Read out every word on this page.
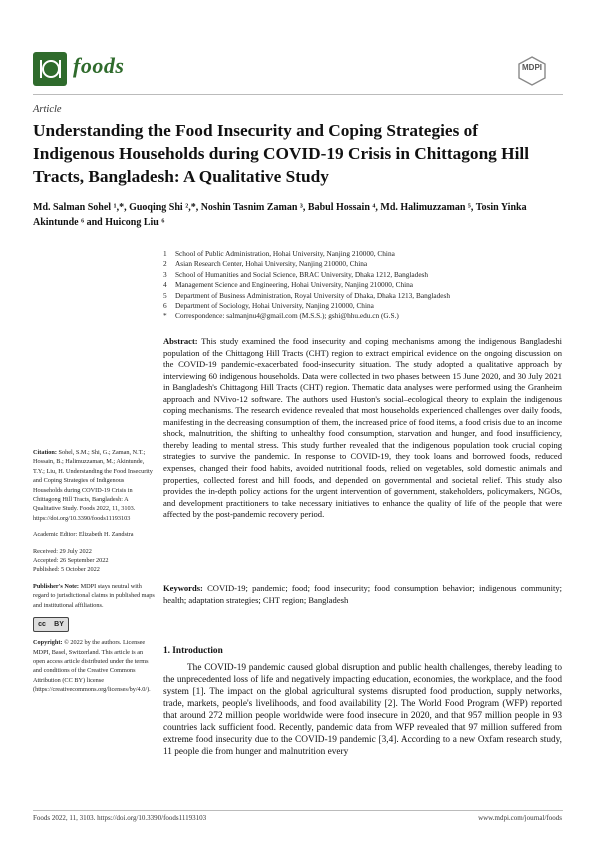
foods	MDPI
Article
Understanding the Food Insecurity and Coping Strategies of Indigenous Households during COVID-19 Crisis in Chittagong Hill Tracts, Bangladesh: A Qualitative Study
Md. Salman Sohel ¹,*, Guoqing Shi ²,*, Noshin Tasnim Zaman ³, Babul Hossain ⁴, Md. Halimuzzaman ⁵, Tosin Yinka Akintunde ⁶ and Huicong Liu ⁶
1	School of Public Administration, Hohai University, Nanjing 210000, China
2	Asian Research Center, Hohai University, Nanjing 210000, China
3	School of Humanities and Social Science, BRAC University, Dhaka 1212, Bangladesh
4	Management Science and Engineering, Hohai University, Nanjing 210000, China
5	Department of Business Administration, Royal University of Dhaka, Dhaka 1213, Bangladesh
6	Department of Sociology, Hohai University, Nanjing 210000, China
*	Correspondence: salmanjnu4@gmail.com (M.S.S.); gshi@hhu.edu.cn (G.S.)
Abstract: This study examined the food insecurity and coping mechanisms among the indigenous Bangladeshi population of the Chittagong Hill Tracts (CHT) region to extract empirical evidence on the ongoing discussion on the COVID-19 pandemic-exacerbated food-insecurity situation. The study adopted a qualitative approach by interviewing 60 indigenous households. Data were collected in two phases between 15 June 2020, and 30 July 2021 in Bangladesh's Chittagong Hill Tracts (CHT) region. Thematic data analyses were performed using the Granheim approach and NVivo-12 software. The authors used Huston's social–ecological theory to explain the indigenous coping mechanisms. The research evidence revealed that most households experienced challenges over daily foods, manifesting in the decreasing consumption of them, the increased price of food items, a food crisis due to an income shock, malnutrition, the shifting to unhealthy food consumption, starvation and hunger, and food insufficiency, thereby leading to mental stress. This study further revealed that the indigenous population took crucial coping strategies to survive the pandemic. In response to COVID-19, they took loans and borrowed foods, reduced expenses, changed their food habits, avoided nutritional foods, relied on vegetables, sold domestic animals and properties, collected forest and hill foods, and depended on governmental and societal relief. This study also provides the in-depth policy actions for the urgent intervention of government, stakeholders, policymakers, NGOs, and development practitioners to take necessary initiatives to enhance the quality of life of the people that were affected by the post-pandemic recovery period.
Keywords: COVID-19; pandemic; food; food insecurity; food consumption behavior; indigenous community; health; adaptation strategies; CHT region; Bangladesh

Citation: Sohel, S.M.; Shi, G.; Zaman, N.T.; Hossain, B.; Halimuzzaman, M.; Akintunde, T.Y.; Liu, H. Understanding the Food Insecurity and Coping Strategies of Indigenous Households during COVID-19 Crisis in Chittagong Hill Tracts, Bangladesh: A Qualitative Study. Foods 2022, 11, 3103. https://doi.org/10.3390/foods11193103

Academic Editor: Elizabeth H. Zandstra

Received: 29 July 2022

Accepted: 26 September 2022

Published: 5 October 2022

Publisher's Note: MDPI stays neutral with regard to jurisdictional claims in published maps and institutional affiliations.

cc BY

Copyright: © 2022 by the authors. Licensee MDPI, Basel, Switzerland. This article is an open access article distributed under the terms and conditions of the Creative Commons Attribution (CC BY) license (https://creativecommons.org/licenses/by/4.0/).

1. Introduction
The COVID-19 pandemic caused global disruption and public health challenges, thereby leading to the unprecedented loss of life and negatively impacting education, economies, the workplace, and the food system [1]. The impact on the global agricultural systems disrupted food production, supply networks, trade, markets, people's livelihoods, and food availability [2]. The World Food Program (WFP) reported that around 272 million people worldwide were food insecure in 2020, and that 957 million people in 93 countries lack sufficient food. Recently, pandemic data from WFP revealed that 97 million suffered from extreme food insecurity due to the COVID-19 pandemic [3,4]. According to a new Oxfam research study, 11 people die from hunger and malnutrition every
Foods 2022, 11, 3103. https://doi.org/10.3390/foods11193103	www.mdpi.com/journal/foods
